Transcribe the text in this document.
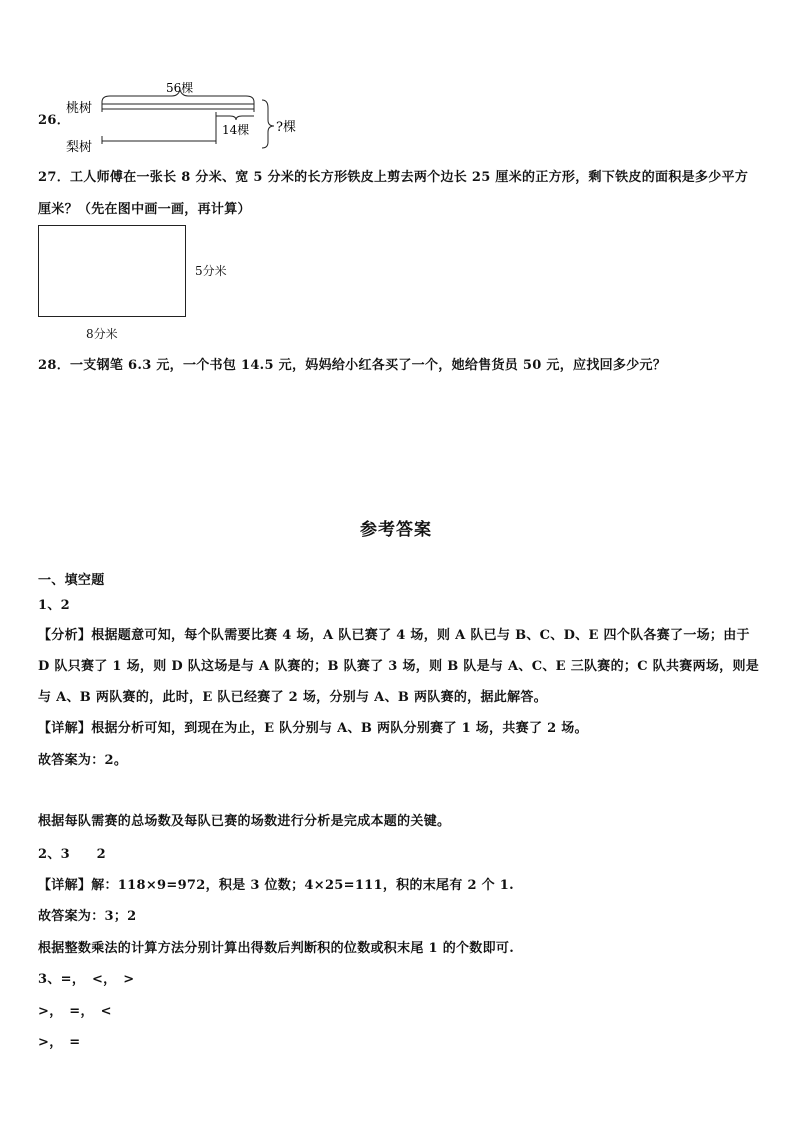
26．
桃树
梨树
56棵
14棵 ?棵
27．工人师傅在一张长 8 分米、宽 5 分米的长方形铁皮上剪去两个边长 25 厘米的正方形，剩下铁皮的面积是多少平方
厘米？（先在图中画一画，再计算）
5分米
8分米
28．一支钢笔 6.3 元，一个书包 14.5 元，妈妈给小红各买了一个，她给售货员 50 元，应找回多少元？
参考答案
一、填空题
1、2
【分析】根据题意可知，每个队需要比赛 4 场，A 队已赛了 4 场，则 A 队已与 B、C、D、E 四个队各赛了一场；由于
D 队只赛了 1 场，则 D 队这场是与 A 队赛的；B 队赛了 3 场，则 B 队是与 A、C、E 三队赛的；C 队共赛两场，则是
与 A、B 两队赛的，此时，E 队已经赛了 2 场，分别与 A、B 两队赛的，据此解答。
【详解】根据分析可知，到现在为止，E 队分别与 A、B 两队分别赛了 1 场，共赛了 2 场。
故答案为：2。
根据每队需赛的总场数及每队已赛的场数进行分析是完成本题的关键。
2、3　　2
【详解】解：118×9=972，积是 3 位数；4×25=111，积的末尾有 2 个 1.
故答案为：3；2
根据整数乘法的计算方法分别计算出得数后判断积的位数或积末尾 1 的个数即可.
3、=，　<，　>
>，　=，　<
>，　=
